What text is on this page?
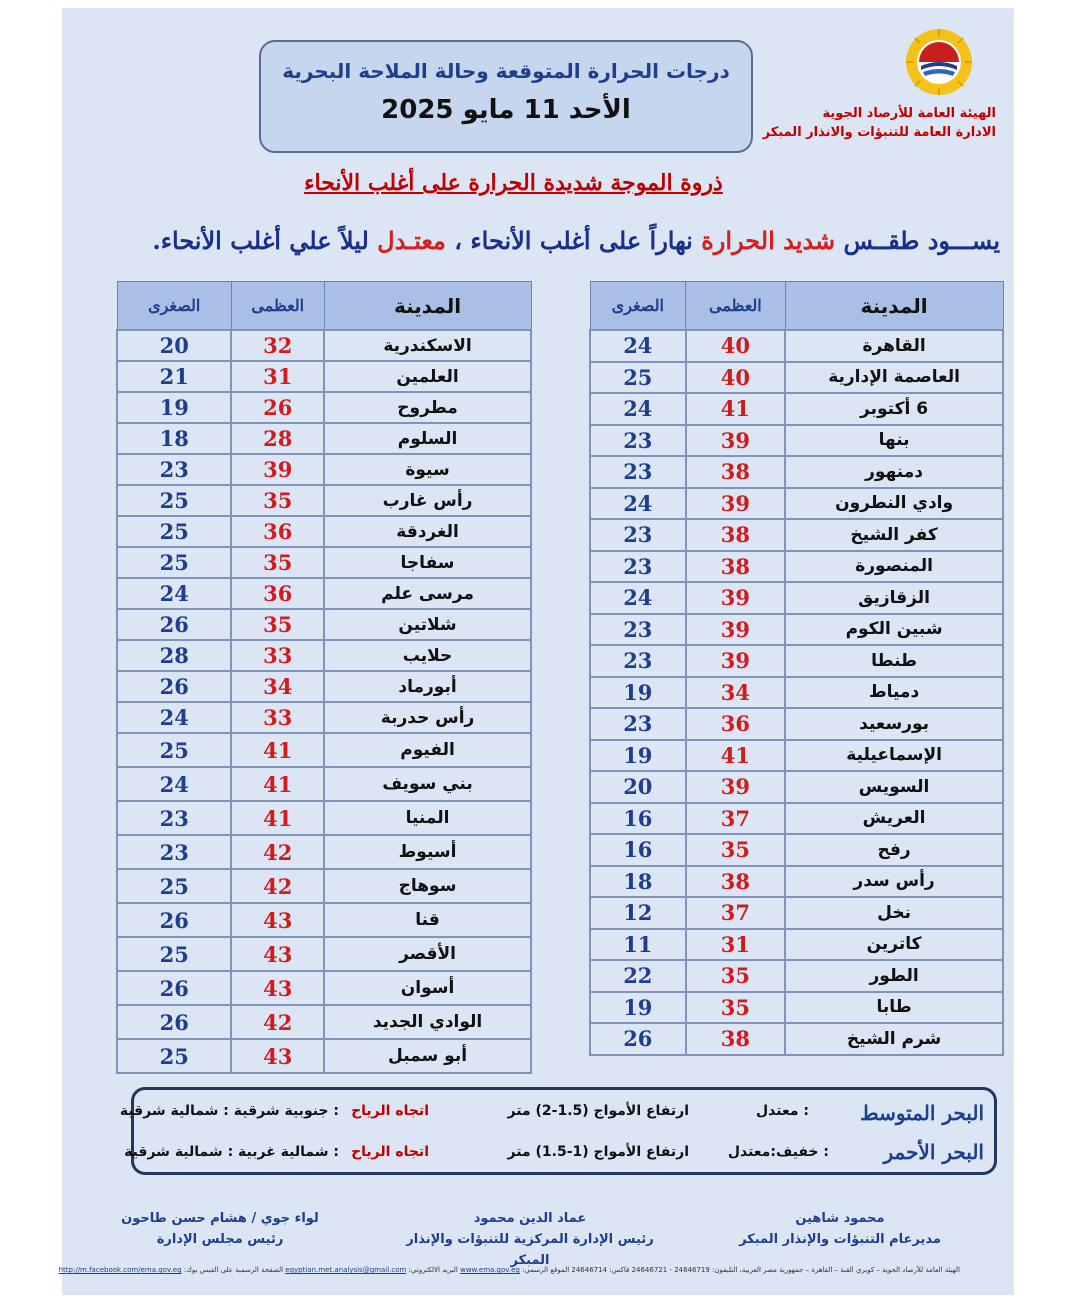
الهيئة العامة للأرصاد الجوية
الادارة العامة للتنبؤات والانذار المبكر
درجات الحرارة المتوقعة وحالة الملاحة البحرية
الأحد 11 مايو 2025
ذروة الموجة شديدة الحرارة على أغلب الأنحاء
يســـود طقــس شديد الحرارة نهاراً على أغلب الأنحاء ، معتـدل ليلاً علي أغلب الأنحاء.
المدينة	العظمى	الصغرى
القاهرة	40	24
العاصمة الإدارية	40	25
6 أكتوبر	41	24
بنها	39	23
دمنهور	38	23
وادي النطرون	39	24
كفر الشيخ	38	23
المنصورة	38	23
الزقازيق	39	24
شبين الكوم	39	23
طنطا	39	23
دمياط	34	19
بورسعيد	36	23
الإسماعيلية	41	19
السويس	39	20
العريش	37	16
رفح	35	16
رأس سدر	38	18
نخل	37	12
كاترين	31	11
الطور	35	22
طابا	35	19
شرم الشيخ	38	26
المدينة	العظمى	الصغرى
الاسكندرية	32	20
العلمين	31	21
مطروح	26	19
السلوم	28	18
سيوة	39	23
رأس غارب	35	25
الغردقة	36	25
سفاجا	35	25
مرسى علم	36	24
شلاتين	35	26
حلايب	33	28
أبورماد	34	26
رأس حدربة	33	24
الفيوم	41	25
بني سويف	41	24
المنيا	41	23
أسيوط	42	23
سوهاج	42	25
قنا	43	26
الأقصر	43	25
أسوان	43	26
الوادي الجديد	42	26
أبو سمبل	43	25
البحر المتوسط
: معتدل
ارتفاع الأمواج (1.5-2) متر
اتجاه الرياح
: جنوبية شرقية : شمالية شرقية
البحر الأحمر
: خفيف:معتدل
ارتفاع الأمواج (1-1.5) متر
اتجاه الرياح
: شمالية غربية : شمالية شرقية
محمود شاهين
مديرعام التنبؤات والإنذار المبكر
عماد الدين محمود
رئيس الإدارة المركزية للتنبؤات والإنذار المبكر
لواء جوي / هشام حسن طاحون
رئيس مجلس الإدارة
الهيئة العامة للأرصاد الجوية – كوبري القبة – القاهرة – جمهورية مصر العربية، التليفون: 24646719 - 24646721 فاكس: 24646714 الموقع الرسمي: www.ema.gov.eg البريد الالكتروني: egyptian.met.analysis@gmail.com الصفحة الرسمية على الفيس بوك: http://m.facebook.com/ema.gov.eg
